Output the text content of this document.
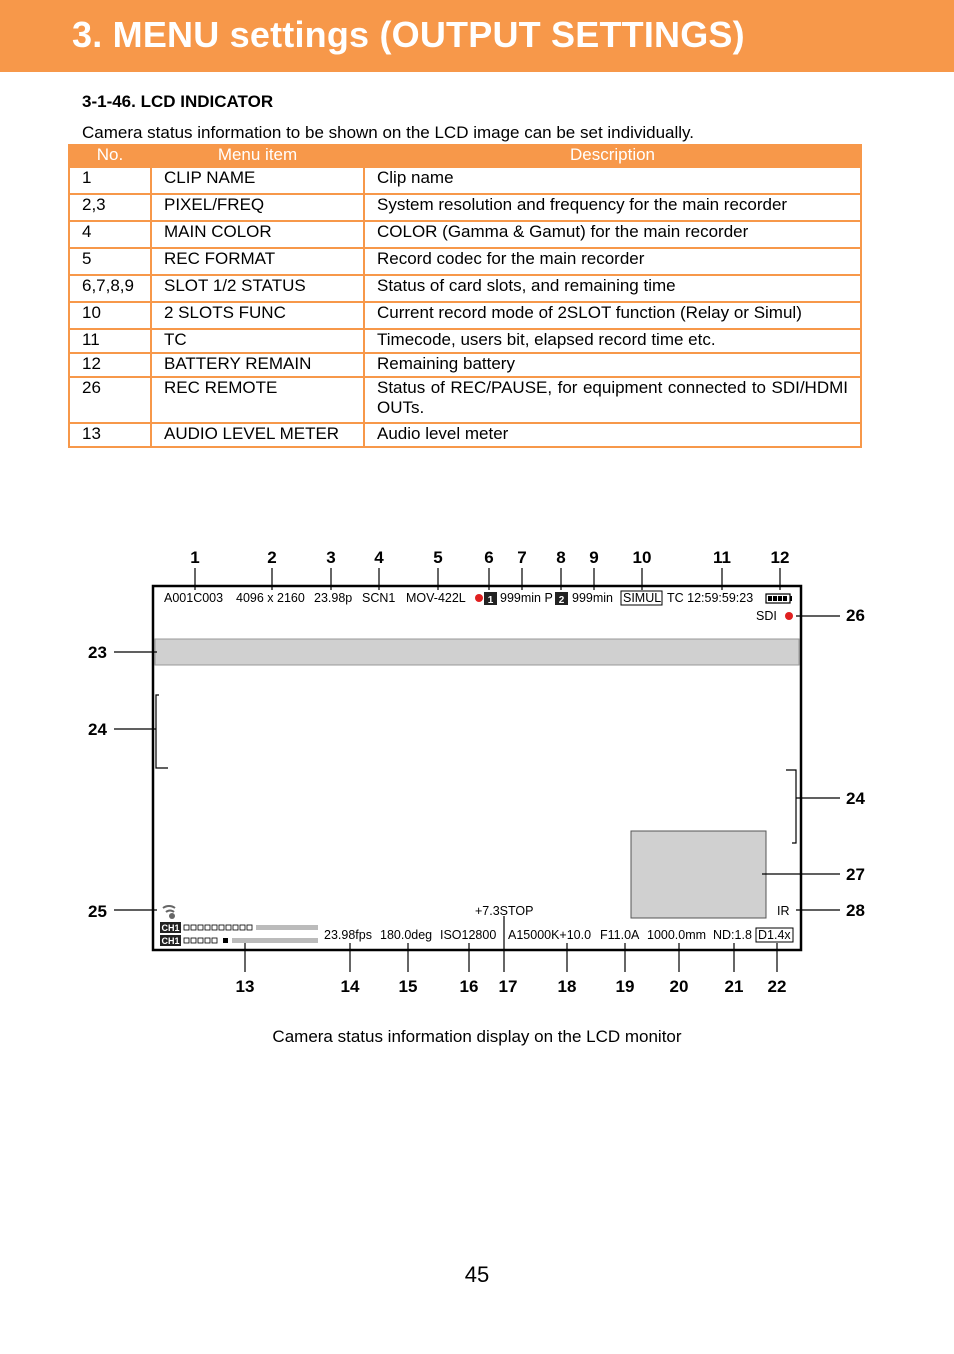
3. MENU settings (OUTPUT SETTINGS)
3-1-46. LCD INDICATOR
Camera status information to be shown on the LCD image can be set individually.
No.	Menu item	Description
1	CLIP NAME	Clip name
2,3	PIXEL/FREQ	System resolution and frequency for the main recorder
4	MAIN COLOR	COLOR (Gamma & Gamut) for the main recorder
5	REC FORMAT	Record codec for the main recorder
6,7,8,9	SLOT 1/2 STATUS	Status of card slots, and remaining time
10	2 SLOTS FUNC	Current record mode of 2SLOT function (Relay or Simul)
11	TC	Timecode, users bit, elapsed record time etc.
12	BATTERY REMAIN	Remaining battery
26	REC REMOTE	Status of REC/PAUSE, for equipment connected to SDI/HDMI OUTs.
13	AUDIO LEVEL METER	Audio level meter
1	2	3 4	5 6 7 8 9 10	11 12
A001C003 4096 x 2160 23.98p SCN1 MOV-422L 1 999min P 2 999min SIMUL TC 12:59:59:23
SDI
23
24
25
26
24
27
28
+7.3STOP	IR
CH1
CH1	23.98fps 180.0deg ISO12800 A15000K+10.0 F11.0A 1000.0mm ND:1.8 D1.4x
13	14 15 16 17 18 19 20 21 22
Camera status information display on the LCD monitor
45
